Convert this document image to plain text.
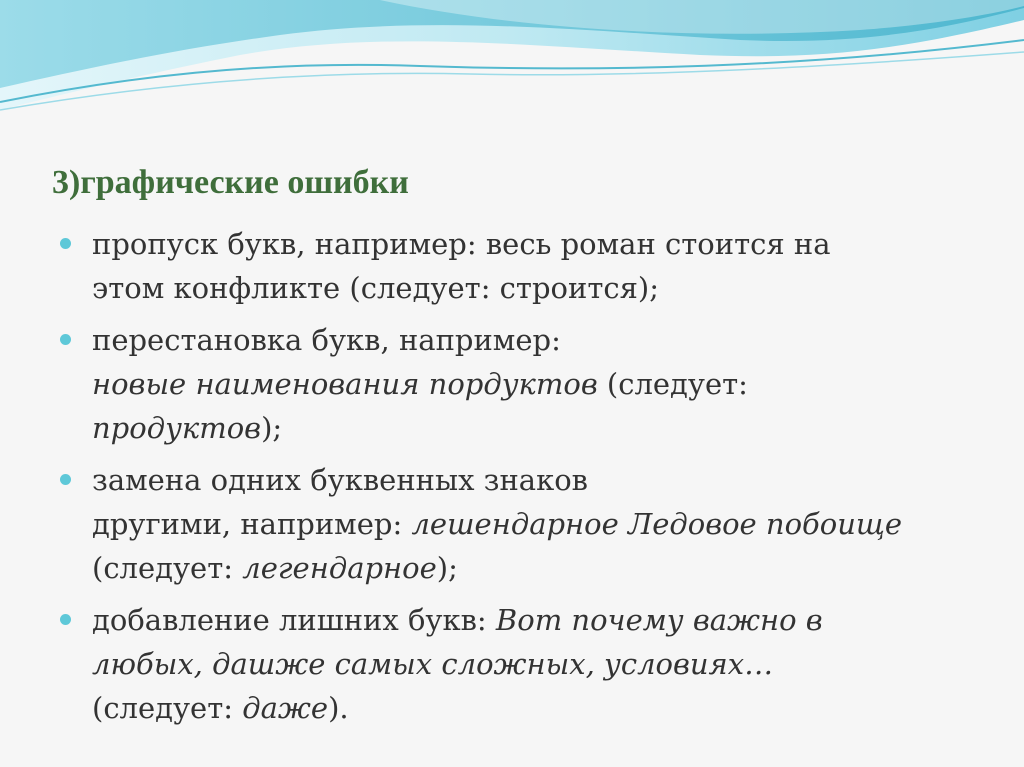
3)графические ошибки
пропуск букв, например: весь роман стоится на
этом конфликте (следует: строится);
перестановка букв, например:
новые наименования пордуктов (следует:
продуктов);
замена одних буквенных знаков
другими, например: лешендарное Ледовое побоище
(следует: легендарное);
добавление лишних букв: Вот почему важно в
любых, дашже самых сложных, условиях…
(следует: даже).
